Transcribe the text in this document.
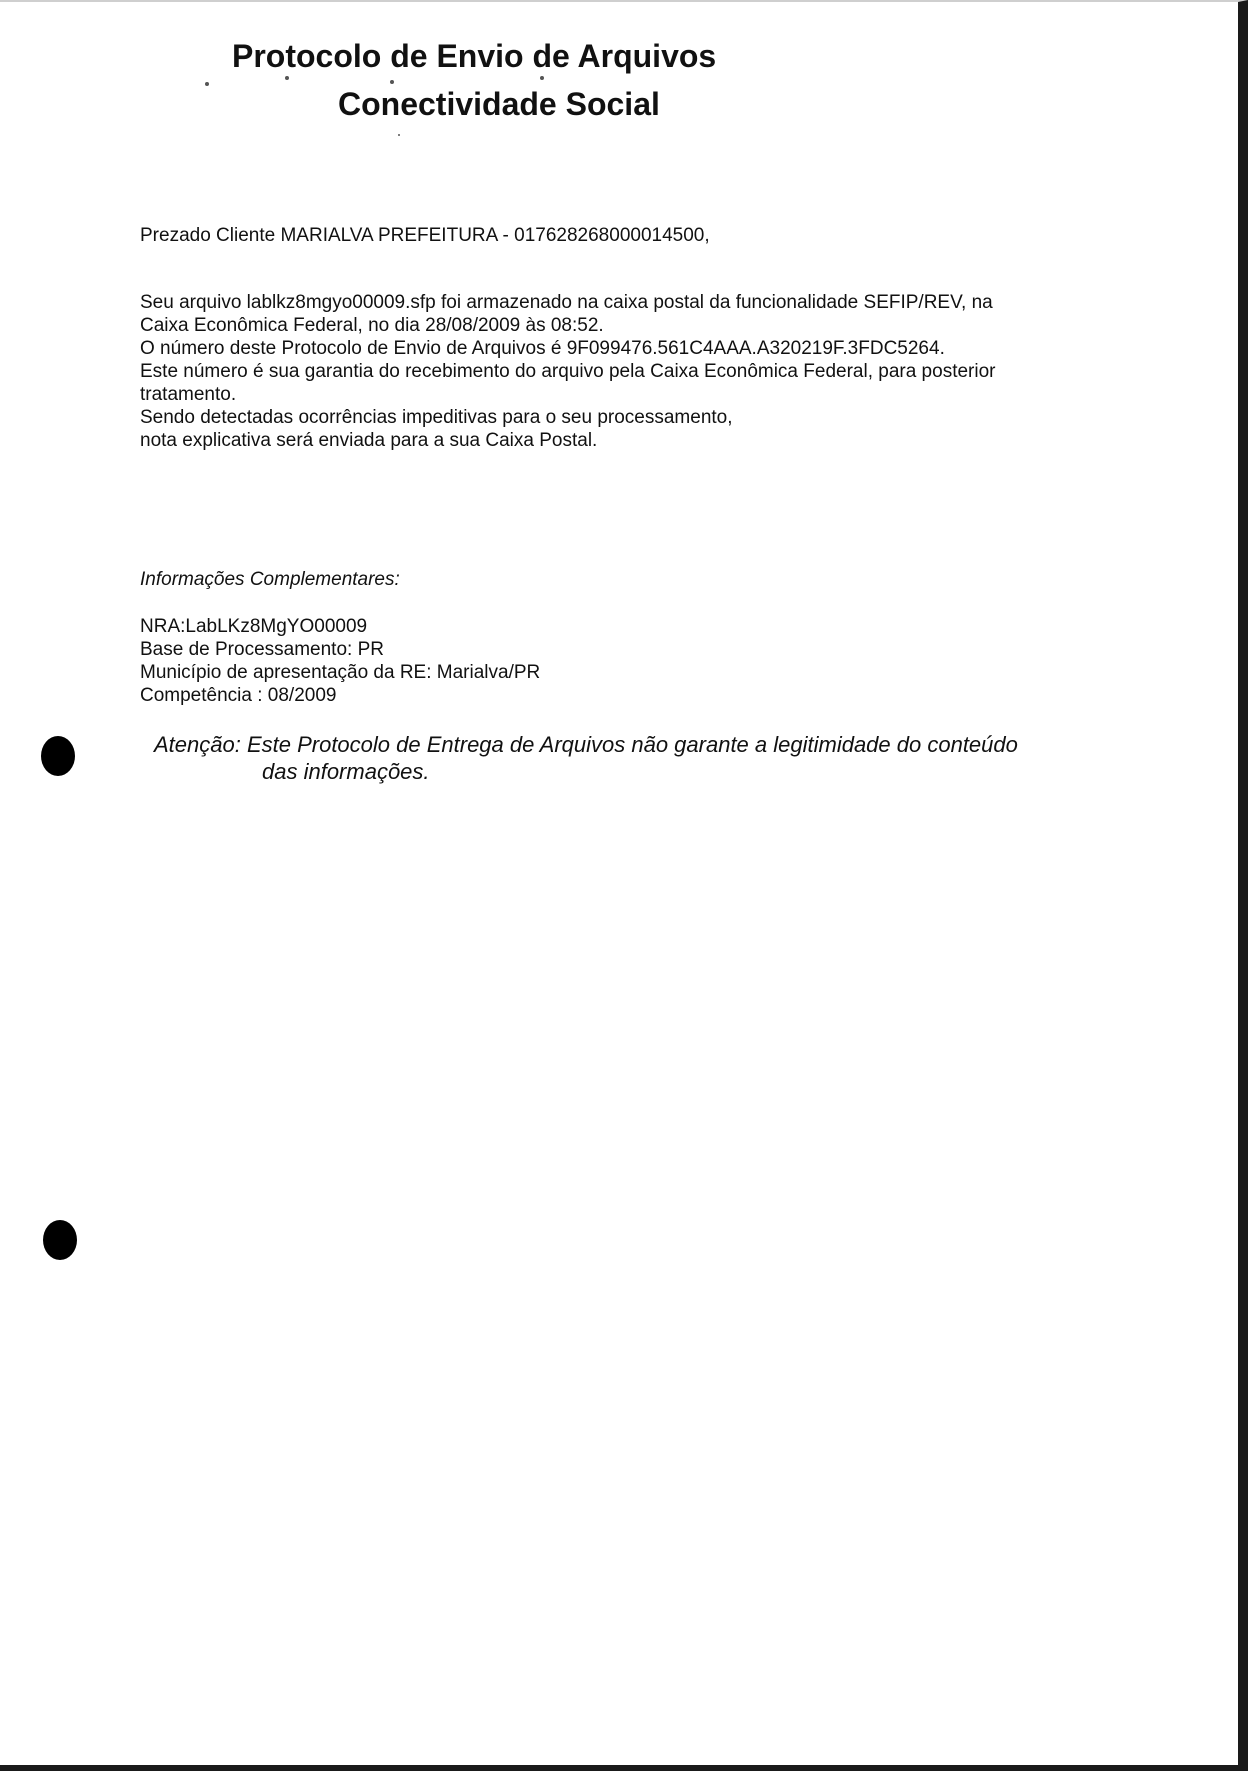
Protocolo de Envio de Arquivos
Conectividade Social
Prezado Cliente MARIALVA PREFEITURA - 017628268000014500,
Seu arquivo lablkz8mgyo00009.sfp foi armazenado na caixa postal da funcionalidade SEFIP/REV, na
Caixa Econômica Federal, no dia 28/08/2009 às 08:52.
O número deste Protocolo de Envio de Arquivos é 9F099476.561C4AAA.A320219F.3FDC5264.
Este número é sua garantia do recebimento do arquivo pela Caixa Econômica Federal, para posterior
tratamento.
Sendo detectadas ocorrências impeditivas para o seu processamento,
nota explicativa será enviada para a sua Caixa Postal.
Informações Complementares:
NRA:LabLKz8MgYO00009
Base de Processamento: PR
Município de apresentação da RE: Marialva/PR
Competência : 08/2009
Atenção: Este Protocolo de Entrega de Arquivos não garante a legitimidade do conteúdo
das informações.
